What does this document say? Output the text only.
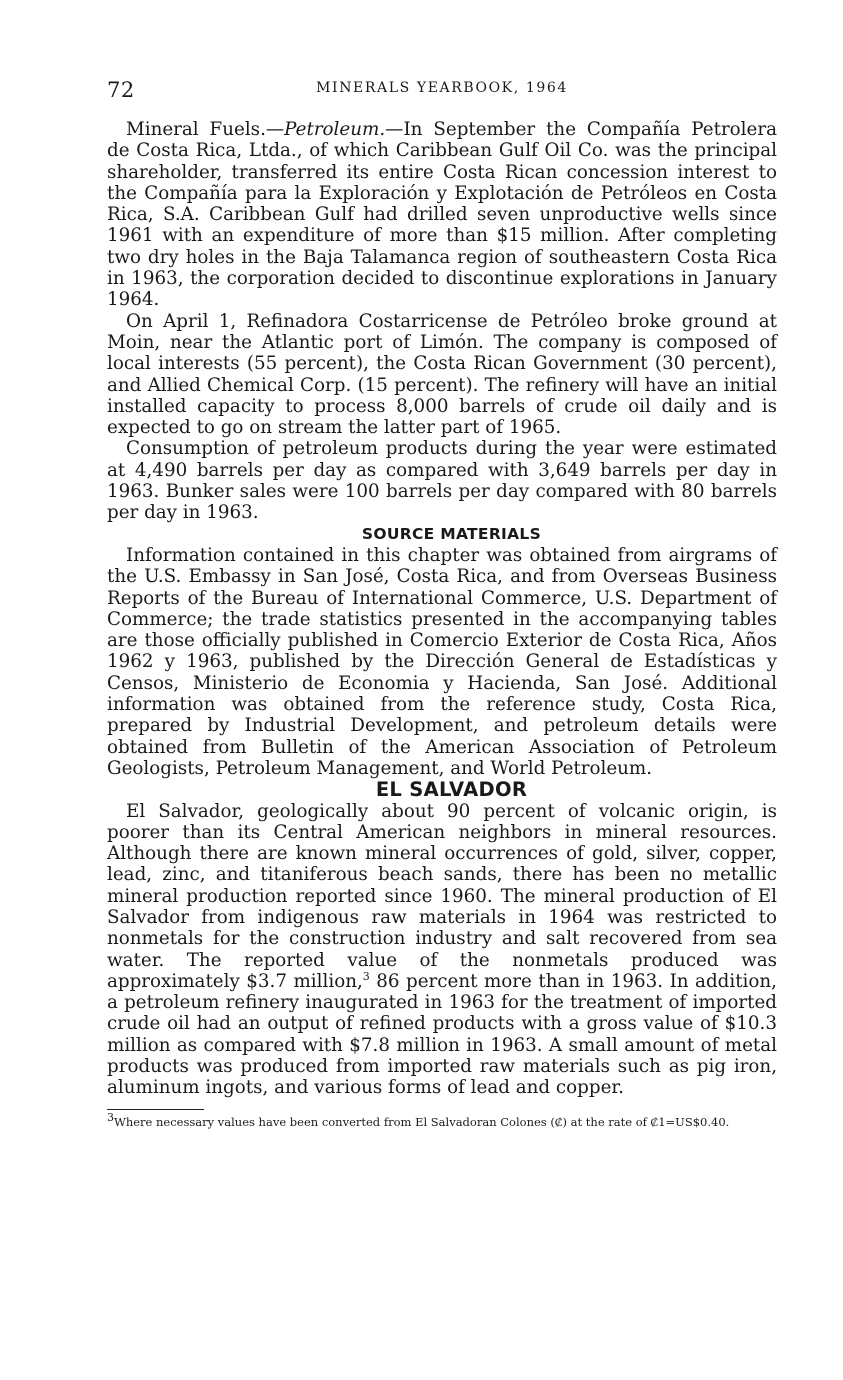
72	MINERALS YEARBOOK, 1964

Mineral Fuels.—Petroleum.—In September the Compañía Petrolera de Costa Rica, Ltda., of which Caribbean Gulf Oil Co. was the principal shareholder, transferred its entire Costa Rican concession interest to the Compañía para la Exploración y Explotación de Petróleos en Costa Rica, S.A. Caribbean Gulf had drilled seven unproductive wells since 1961 with an expenditure of more than $15 million. After completing two dry holes in the Baja Talamanca region of southeastern Costa Rica in 1963, the corporation decided to discontinue explorations in January 1964.

On April 1, Refinadora Costarricense de Petróleo broke ground at Moin, near the Atlantic port of Limón. The company is composed of local interests (55 percent), the Costa Rican Government (30 percent), and Allied Chemical Corp. (15 percent). The refinery will have an initial installed capacity to process 8,000 barrels of crude oil daily and is expected to go on stream the latter part of 1965.

Consumption of petroleum products during the year were estimated at 4,490 barrels per day as compared with 3,649 barrels per day in 1963. Bunker sales were 100 barrels per day compared with 80 barrels per day in 1963.

SOURCE MATERIALS

Information contained in this chapter was obtained from airgrams of the U.S. Embassy in San José, Costa Rica, and from Overseas Business Reports of the Bureau of International Commerce, U.S. Department of Commerce; the trade statistics presented in the accompanying tables are those officially published in Comercio Exterior de Costa Rica, Años 1962 y 1963, published by the Dirección General de Estadísticas y Censos, Ministerio de Economia y Hacienda, San José. Additional information was obtained from the reference study, Costa Rica, prepared by Industrial Development, and petroleum details were obtained from Bulletin of the American Association of Petroleum Geologists, Petroleum Management, and World Petroleum.

EL SALVADOR

El Salvador, geologically about 90 percent of volcanic origin, is poorer than its Central American neighbors in mineral resources. Although there are known mineral occurrences of gold, silver, copper, lead, zinc, and titaniferous beach sands, there has been no metallic mineral production reported since 1960. The mineral production of El Salvador from indigenous raw materials in 1964 was restricted to nonmetals for the construction industry and salt recovered from sea water. The reported value of the nonmetals produced was approximately $3.7 million,$^3$ 86 percent more than in 1963. In addition, a petroleum refinery inaugurated in 1963 for the treatment of imported crude oil had an output of refined products with a gross value of $10.3 million as compared with $7.8 million in 1963. A small amount of metal products was produced from imported raw materials such as pig iron, aluminum ingots, and various forms of lead and copper.

$^3$Where necessary values have been converted from El Salvadoran Colones (₡) at the rate of ₡1=US$0.40.
